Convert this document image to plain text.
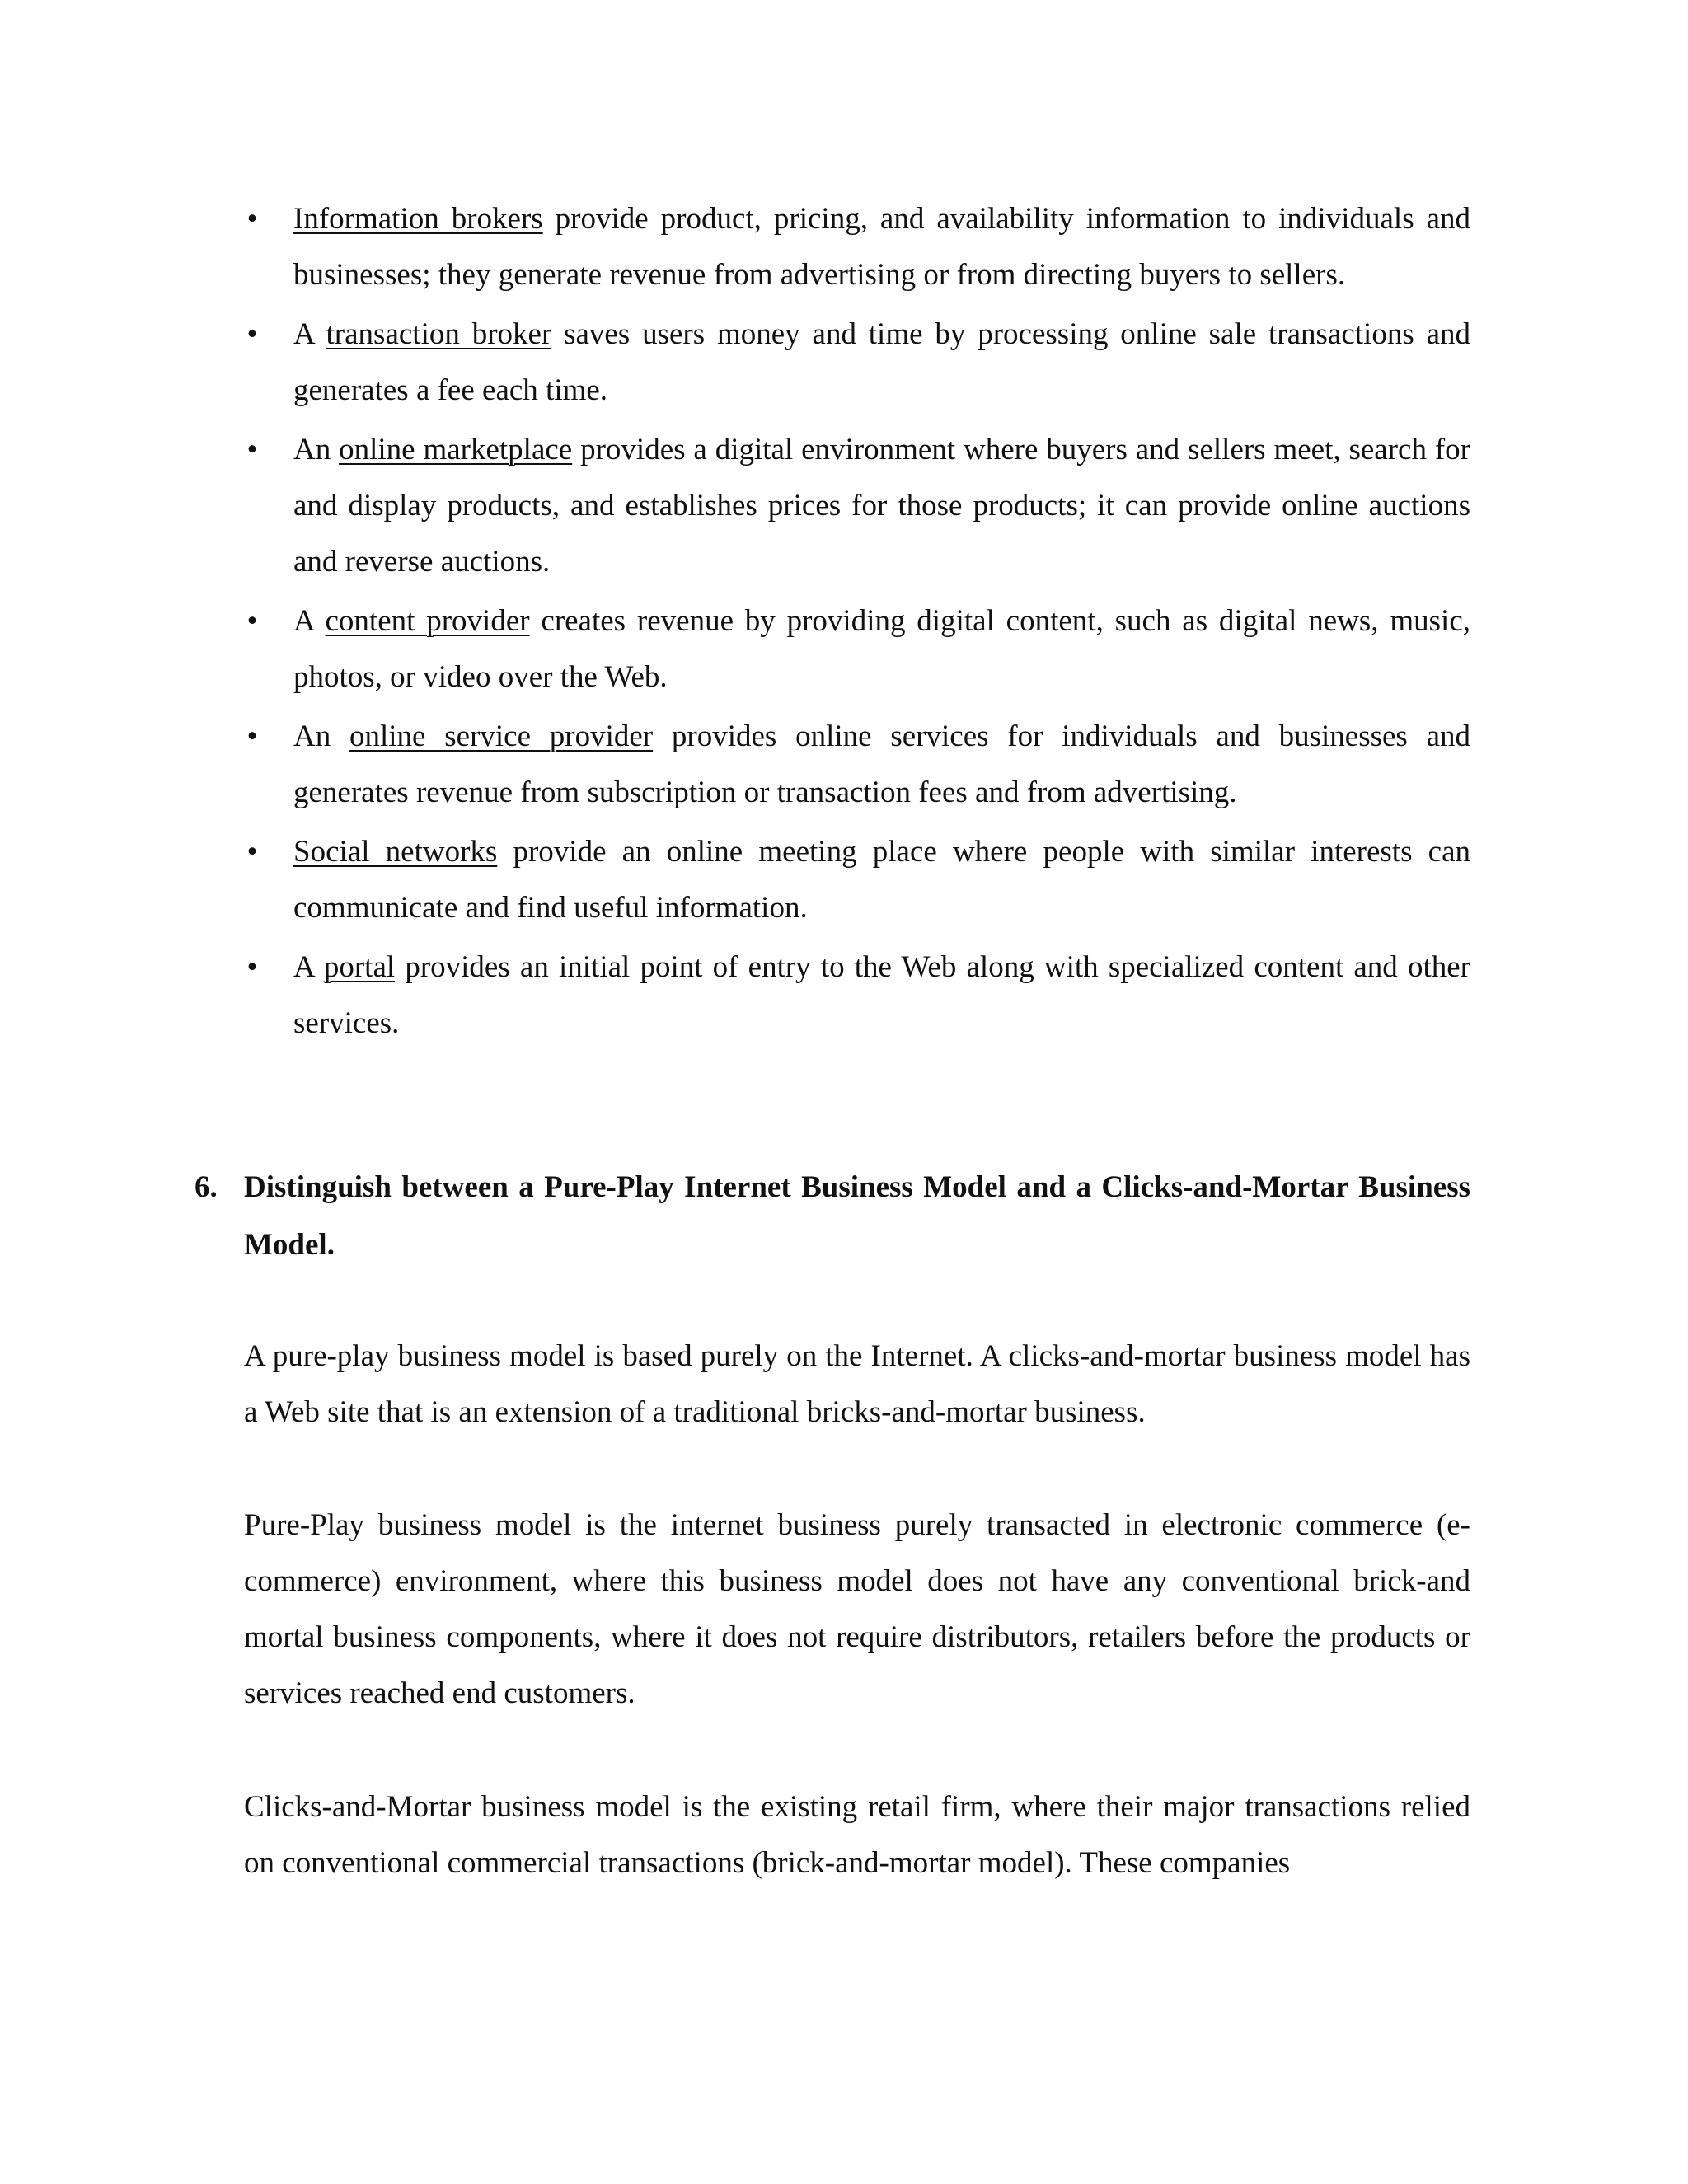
• Information brokers provide product, pricing, and availability information to individuals and businesses; they generate revenue from advertising or from directing buyers to sellers.
• A transaction broker saves users money and time by processing online sale transactions and generates a fee each time.
• An online marketplace provides a digital environment where buyers and sellers meet, search for and display products, and establishes prices for those products; it can provide online auctions and reverse auctions.
• A content provider creates revenue by providing digital content, such as digital news, music, photos, or video over the Web.
• An online service provider provides online services for individuals and businesses and generates revenue from subscription or transaction fees and from advertising.
• Social networks provide an online meeting place where people with similar interests can communicate and find useful information.
• A portal provides an initial point of entry to the Web along with specialized content and other services.
6. Distinguish between a Pure-Play Internet Business Model and a Clicks-and-Mortar Business Model.

A pure-play business model is based purely on the Internet. A clicks-and-mortar business model has a Web site that is an extension of a traditional bricks-and-mortar business.

Pure-Play business model is the internet business purely transacted in electronic commerce (e-commerce) environment, where this business model does not have any conventional brick-and mortal business components, where it does not require distributors, retailers before the products or services reached end customers.

Clicks-and-Mortar business model is the existing retail firm, where their major transactions relied on conventional commercial transactions (brick-and-mortar model). These companies
